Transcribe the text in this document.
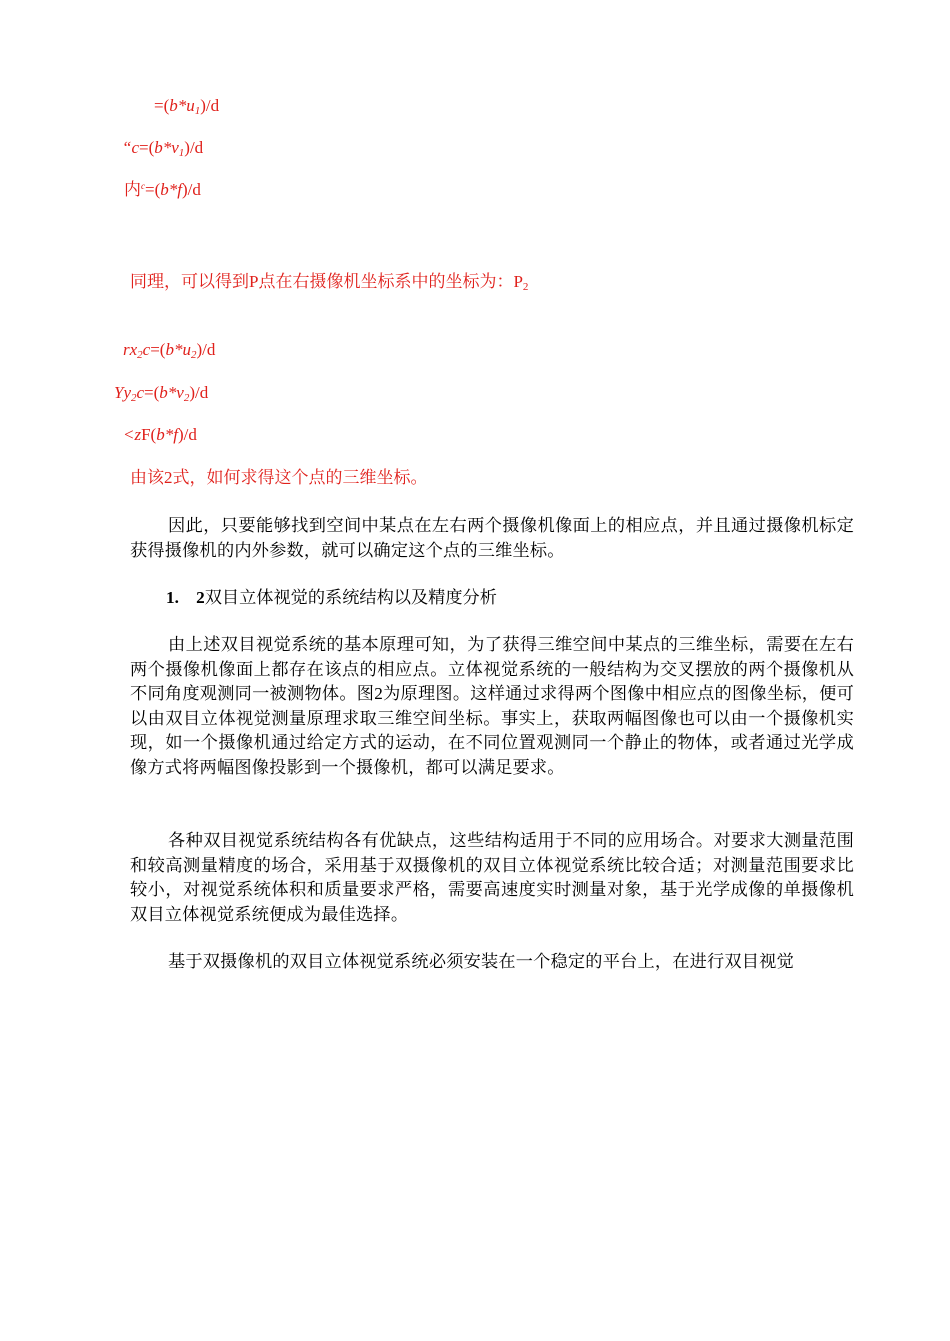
$=(b*u_1)/d$
“$c=(b*v_1)/d$
内$^c$=(b*f)/d
同理，可以得到P点在右摄像机坐标系中的坐标为：$P_2$
$rx_2c=(b*u_2)/d$
$Yy_2c=(b*v_2)/d$
<zF(b*f)/d
由该2式，如何求得这个点的三维坐标。
因此，只要能够找到空间中某点在左右两个摄像机像面上的相应点，并且通过摄像机标定获得摄像机的内外参数，就可以确定这个点的三维坐标。
1.　2双目立体视觉的系统结构以及精度分析
由上述双目视觉系统的基本原理可知，为了获得三维空间中某点的三维坐标，需要在左右两个摄像机像面上都存在该点的相应点。立体视觉系统的一般结构为交叉摆放的两个摄像机从不同角度观测同一被测物体。图2为原理图。这样通过求得两个图像中相应点的图像坐标，便可以由双目立体视觉测量原理求取三维空间坐标。事实上，获取两幅图像也可以由一个摄像机实现，如一个摄像机通过给定方式的运动，在不同位置观测同一个静止的物体，或者通过光学成像方式将两幅图像投影到一个摄像机，都可以满足要求。
各种双目视觉系统结构各有优缺点，这些结构适用于不同的应用场合。对要求大测量范围和较高测量精度的场合，采用基于双摄像机的双目立体视觉系统比较合适；对测量范围要求比较小，对视觉系统体积和质量要求严格，需要高速度实时测量对象，基于光学成像的单摄像机双目立体视觉系统便成为最佳选择。
基于双摄像机的双目立体视觉系统必须安装在一个稳定的平台上，在进行双目视觉
